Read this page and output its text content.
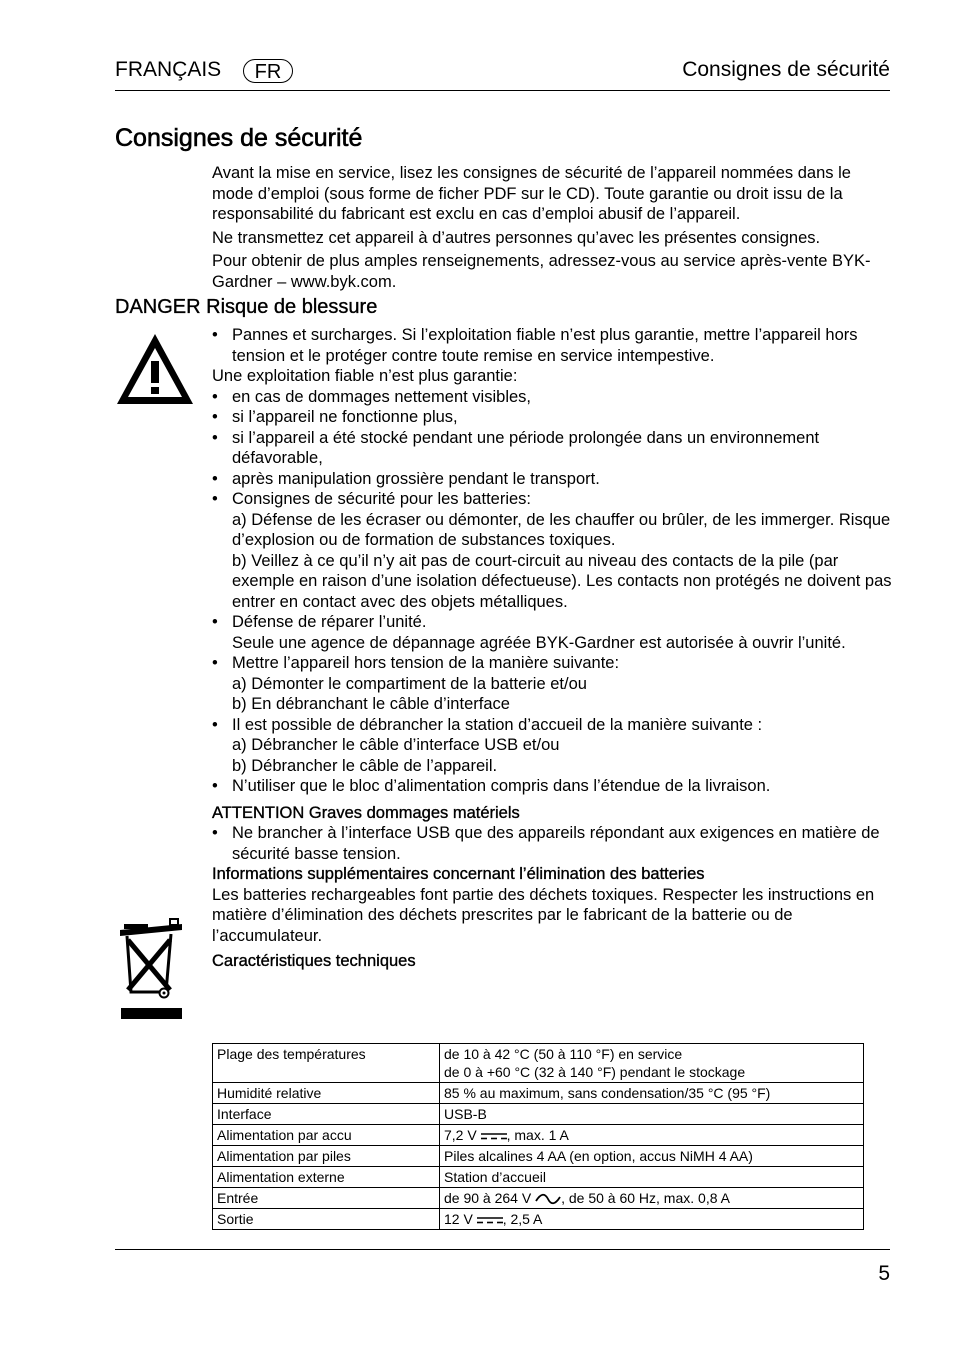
FRANÇAIS	FR	Consignes de sécurité
Consignes de sécurité

Avant la mise en service, lisez les consignes de sécurité de l’appareil nommées dans le mode d’emploi (sous forme de ficher PDF sur le CD). Toute garantie ou droit issu de la responsabilité du fabricant est exclu en cas d’emploi abusif de l’appareil.

Ne transmettez cet appareil à d’autres personnes qu’avec les présentes consignes.

Pour obtenir de plus amples renseignements, adressez-vous au service après-vente BYK-Gardner – www.byk.com.

DANGER Risque de blessure

• Pannes et surcharges. Si l’exploitation fiable n’est plus garantie, mettre l’appareil hors tension et le protéger contre toute remise en service intempestive.

Une exploitation fiable n’est plus garantie:

• en cas de dommages nettement visibles,

• si l’appareil ne fonctionne plus,

• si l’appareil a été stocké pendant une période prolongée dans un environnement défavorable,

• après manipulation grossière pendant le transport.

• Consignes de sécurité pour les batteries:

a) Défense de les écraser ou démonter, de les chauffer ou brûler, de les immerger. Risque d’explosion ou de formation de substances toxiques.

b) Veillez à ce qu’il n’y ait pas de court-circuit au niveau des contacts de la pile (par exemple en raison d’une isolation défectueuse). Les contacts non protégés ne doivent pas entrer en contact avec des objets métalliques.

• Défense de réparer l’unité.

Seule une agence de dépannage agréée BYK-Gardner est autorisée à ouvrir l’unité.

• Mettre l’appareil hors tension de la manière suivante:

a) Démonter le compartiment de la batterie et/ou

b) En débranchant le câble d’interface

• Il est possible de débrancher la station d’accueil de la manière suivante :

a) Débrancher le câble d’interface USB et/ou

b) Débrancher le câble de l’appareil.

• N’utiliser que le bloc d’alimentation compris dans l’étendue de la livraison.

ATTENTION Graves dommages matériels

• Ne brancher à l’interface USB que des appareils répondant aux exigences en matière de sécurité basse tension.

Informations supplémentaires concernant l’élimination des batteries

Les batteries rechargeables font partie des déchets toxiques. Respecter les instructions en matière d’élimination des déchets prescrites par le fabricant de la batterie ou de l’accumulateur.

Caractéristiques techniques

Plage des températures	de 10 à 42 °C (50 à 110 °F) en service
de 0 à +60 °C (32 à 140 °F) pendant le stockage

Humidité relative	85 % au maximum, sans condensation/35 °C (95 °F)
Interface	USB-B
Alimentation par accu	7,2 V , max. 1 A
Alimentation par piles	Piles alcalines 4 AA (en option, accus NiMH 4 AA)
Alimentation externe	Station d’accueil
Entrée	de 90 à 264 V , de 50 à 60 Hz, max. 0,8 A
Sortie	12 V , 2,5 A
5
